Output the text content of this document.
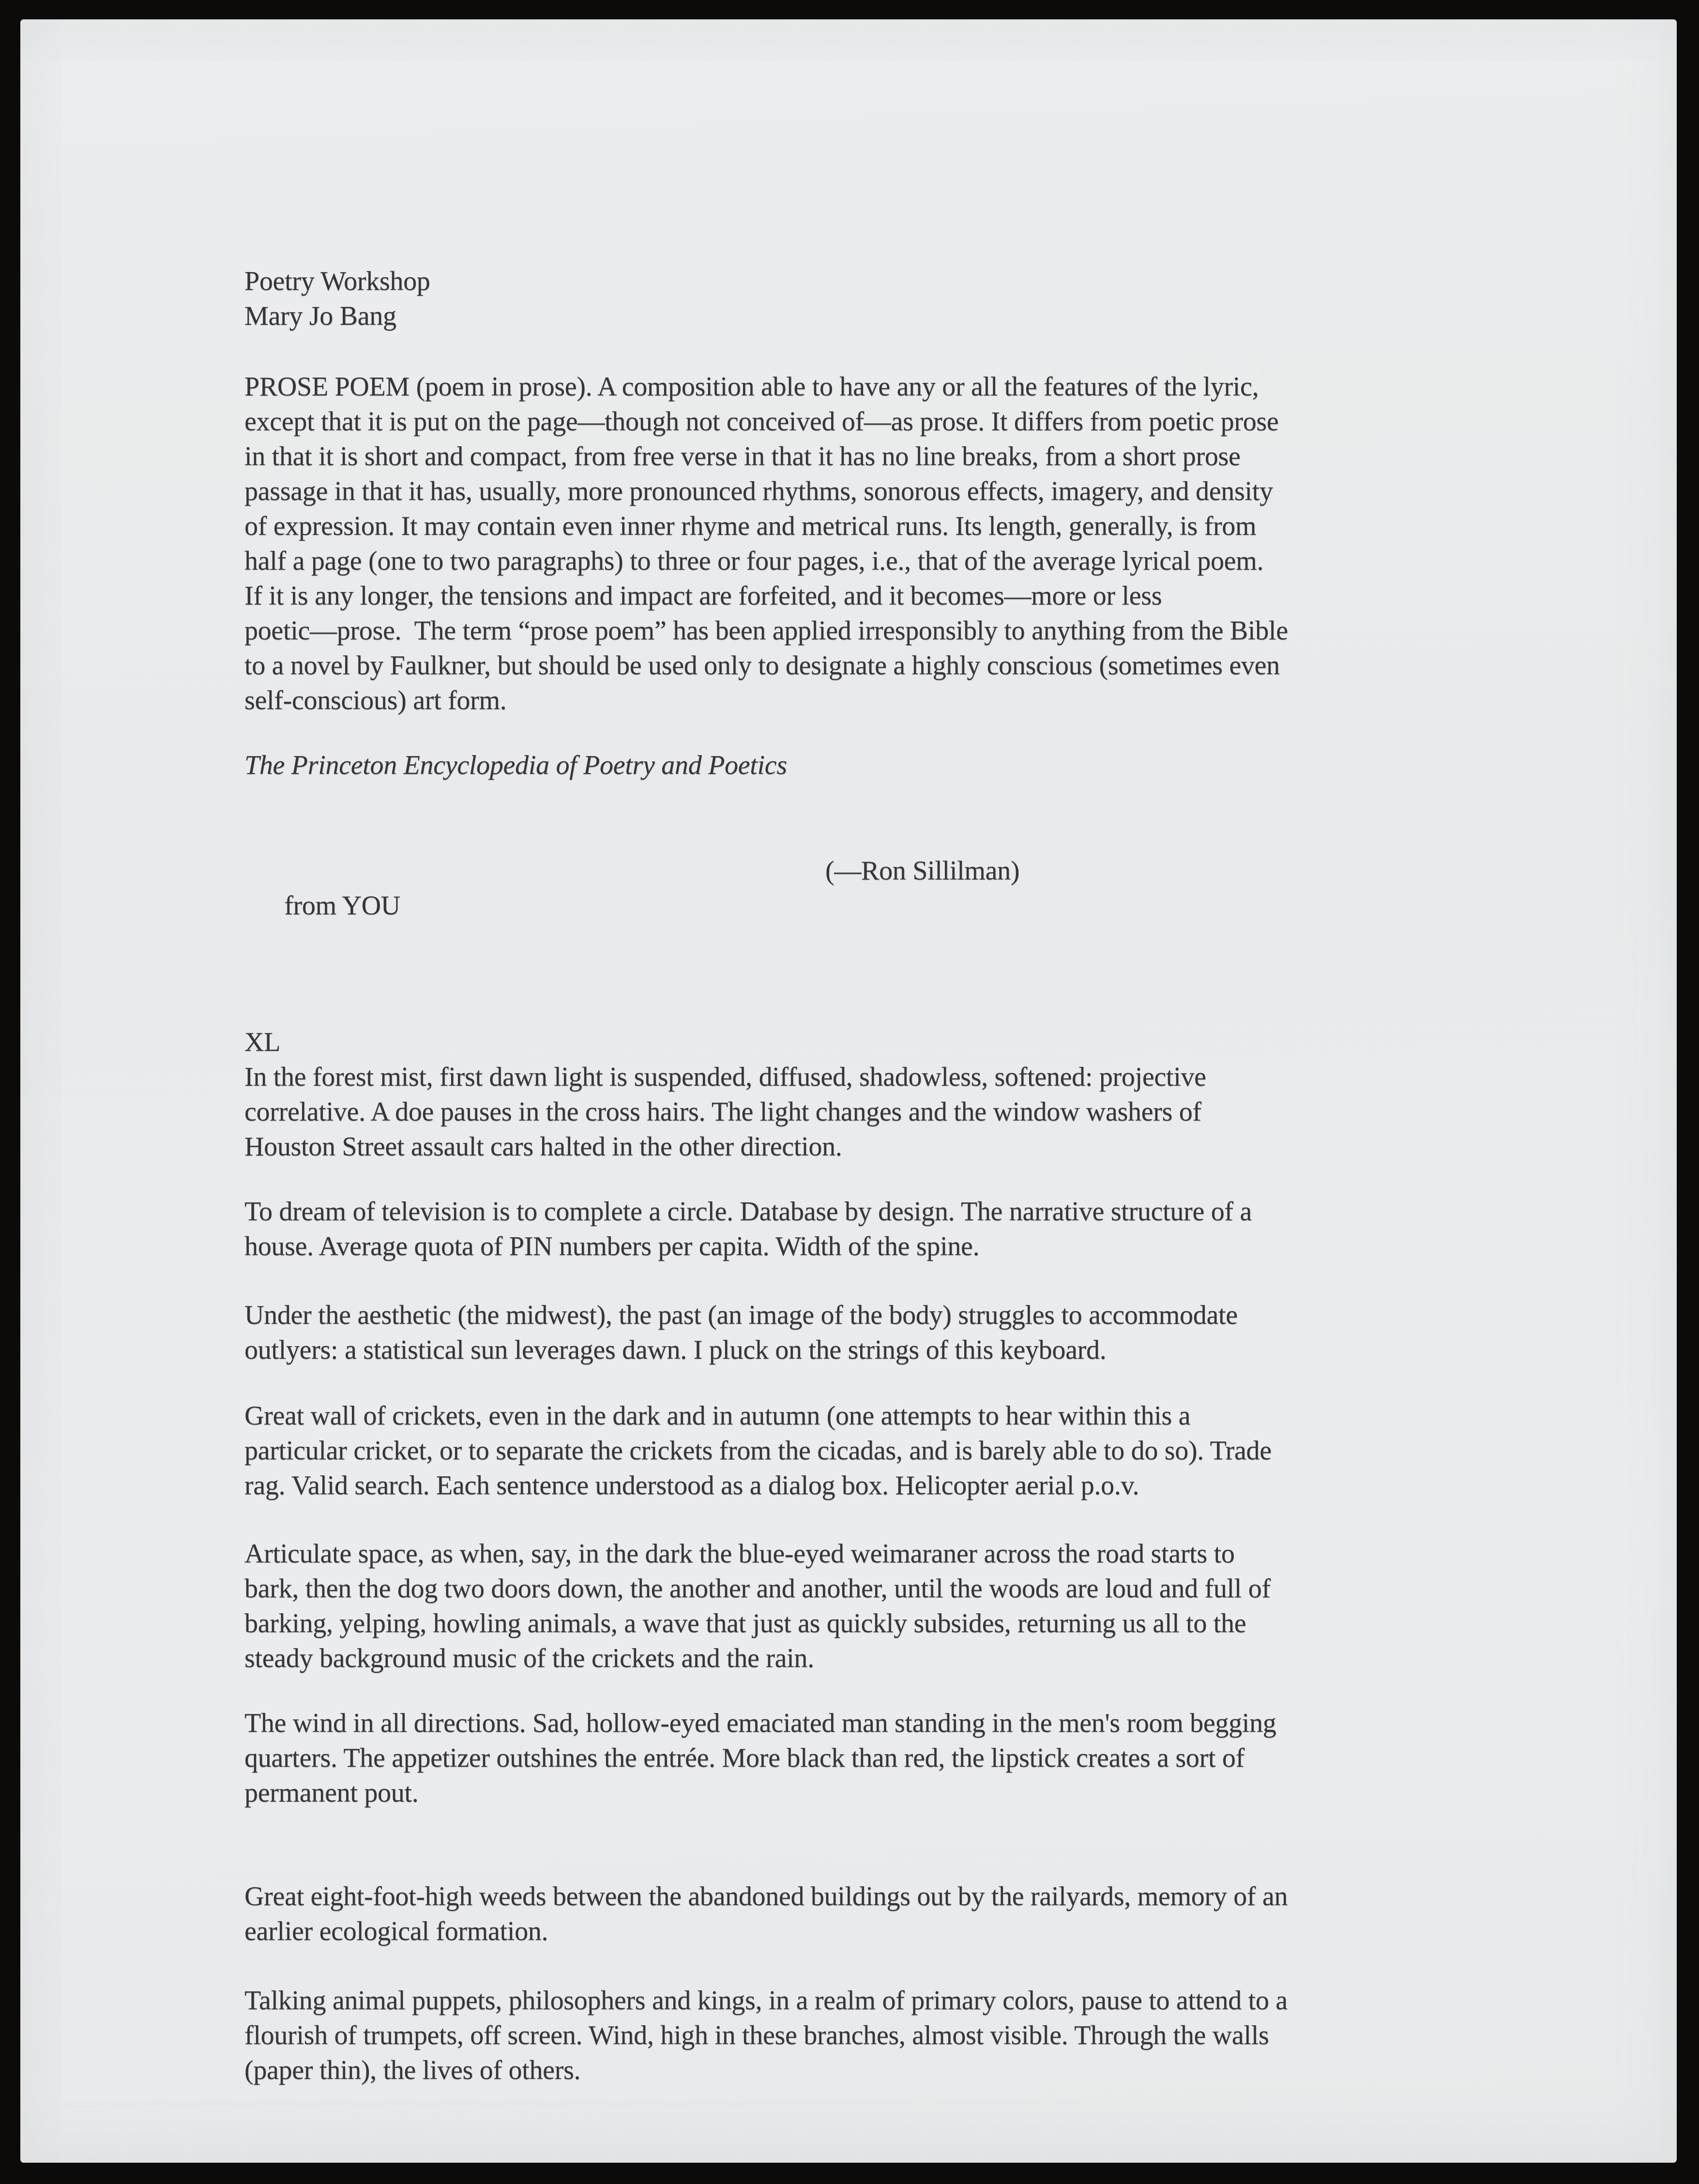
Poetry Workshop
Mary Jo Bang
PROSE POEM (poem in prose). A composition able to have any or all the features of the lyric,
except that it is put on the page—though not conceived of—as prose. It differs from poetic prose
in that it is short and compact, from free verse in that it has no line breaks, from a short prose
passage in that it has, usually, more pronounced rhythms, sonorous effects, imagery, and density
of expression. It may contain even inner rhyme and metrical runs. Its length, generally, is from
half a page (one to two paragraphs) to three or four pages, i.e., that of the average lyrical poem.
If it is any longer, the tensions and impact are forfeited, and it becomes—more or less
poetic—prose.  The term “prose poem” has been applied irresponsibly to anything from the Bible
to a novel by Faulkner, but should be used only to designate a highly conscious (sometimes even
self-conscious) art form.
The Princeton Encyclopedia of Poetry and Poetics

from YOU

(—Ron Sillilman)

XL
In the forest mist, first dawn light is suspended, diffused, shadowless, softened: projective
correlative. A doe pauses in the cross hairs. The light changes and the window washers of
Houston Street assault cars halted in the other direction.
To dream of television is to complete a circle. Database by design. The narrative structure of a
house. Average quota of PIN numbers per capita. Width of the spine.
Under the aesthetic (the midwest), the past (an image of the body) struggles to accommodate
outlyers: a statistical sun leverages dawn. I pluck on the strings of this keyboard.
Great wall of crickets, even in the dark and in autumn (one attempts to hear within this a
particular cricket, or to separate the crickets from the cicadas, and is barely able to do so). Trade
rag. Valid search. Each sentence understood as a dialog box. Helicopter aerial p.o.v.
Articulate space, as when, say, in the dark the blue-eyed weimaraner across the road starts to
bark, then the dog two doors down, the another and another, until the woods are loud and full of
barking, yelping, howling animals, a wave that just as quickly subsides, returning us all to the
steady background music of the crickets and the rain.
The wind in all directions. Sad, hollow-eyed emaciated man standing in the men's room begging
quarters. The appetizer outshines the entrée. More black than red, the lipstick creates a sort of
permanent pout.
Great eight-foot-high weeds between the abandoned buildings out by the railyards, memory of an
earlier ecological formation.
Talking animal puppets, philosophers and kings, in a realm of primary colors, pause to attend to a
flourish of trumpets, off screen. Wind, high in these branches, almost visible. Through the walls
(paper thin), the lives of others.
